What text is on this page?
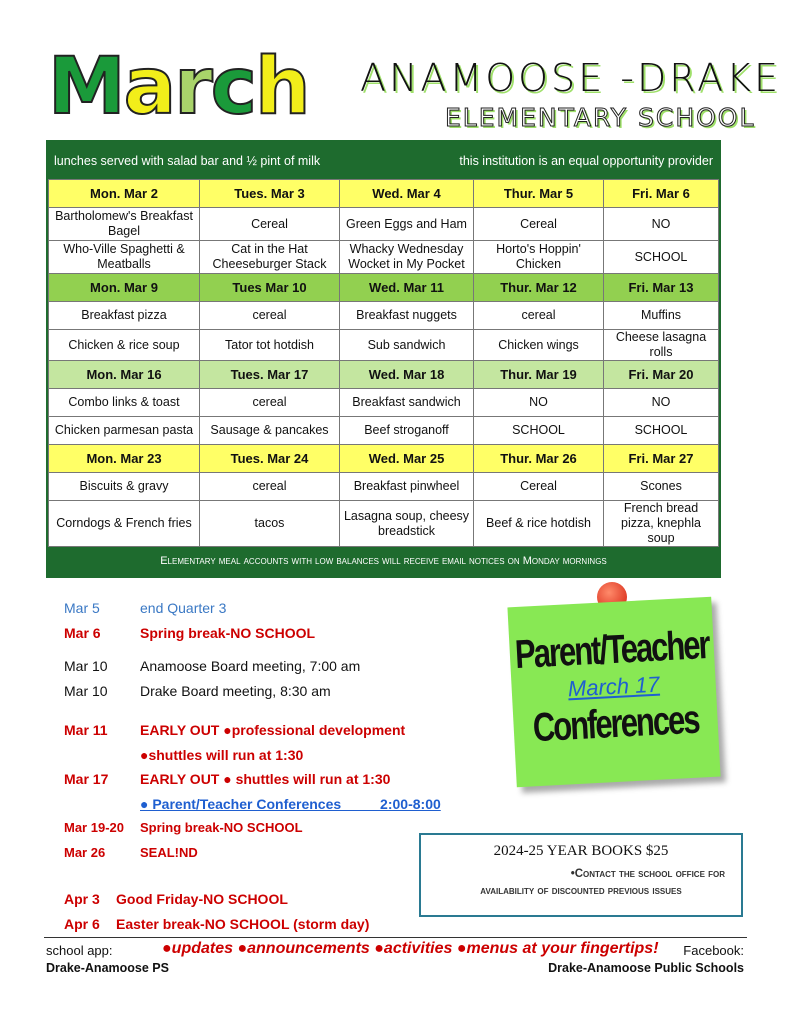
March ANAMOOSE -DRAKE
ELEMENTARY SCHOOL
lunches served with salad bar and ½ pint of milk	this institution is an equal opportunity provider
Mon. Mar 2	Tues. Mar 3	Wed. Mar 4	Thur. Mar 5	Fri. Mar 6
Bartholomew's Breakfast Bagel	Cereal	Green Eggs and Ham	Cereal	NO
Who-Ville Spaghetti & Meatballs	Cat in the Hat Cheeseburger Stack	Whacky Wednesday Wocket in My Pocket	Horto's Hoppin' Chicken	SCHOOL
Mon. Mar 9	Tues Mar 10	Wed. Mar 11	Thur. Mar 12	Fri. Mar 13
Breakfast pizza	cereal	Breakfast nuggets	cereal	Muffins
Chicken & rice soup	Tator tot hotdish	Sub sandwich	Chicken wings	Cheese lasagna rolls
Mon. Mar 16	Tues. Mar 17	Wed. Mar 18	Thur. Mar 19	Fri. Mar 20
Combo links & toast	cereal	Breakfast sandwich	NO	NO
Chicken parmesan pasta	Sausage & pancakes	Beef stroganoff	SCHOOL	SCHOOL
Mon. Mar 23	Tues. Mar 24	Wed. Mar 25	Thur. Mar 26	Fri. Mar 27
Biscuits & gravy	cereal	Breakfast pinwheel	Cereal	Scones
Corndogs & French fries	tacos	Lasagna soup, cheesy breadstick	Beef & rice hotdish	French bread pizza, knephla soup
Elementary meal accounts with low balances will receive email notices on Monday mornings
Mar 5	end Quarter 3
Mar 6	Spring break-NO SCHOOL
Mar 10	Anamoose Board meeting, 7:00 am
Mar 10	Drake Board meeting, 8:30 am
Mar 11	EARLY OUT ●professional development
●shuttles will run at 1:30
Mar 17	EARLY OUT ● shuttles will run at 1:30
● Parent/Teacher Conferences          2:00-8:00
Mar 19-20	Spring break-NO SCHOOL
Mar 26	SEAL!ND
Apr 3	Good Friday-NO SCHOOL
Apr 6	Easter break-NO SCHOOL (storm day)
Parent/Teacher
March 17
Conferences
2024-25 YEAR BOOKS $25
•Contact the school office for
availability of discounted previous issues
school app:
Drake-Anamoose PS
●updates ●announcements ●activities ●menus at your fingertips! Facebook:
Drake-Anamoose Public Schools
